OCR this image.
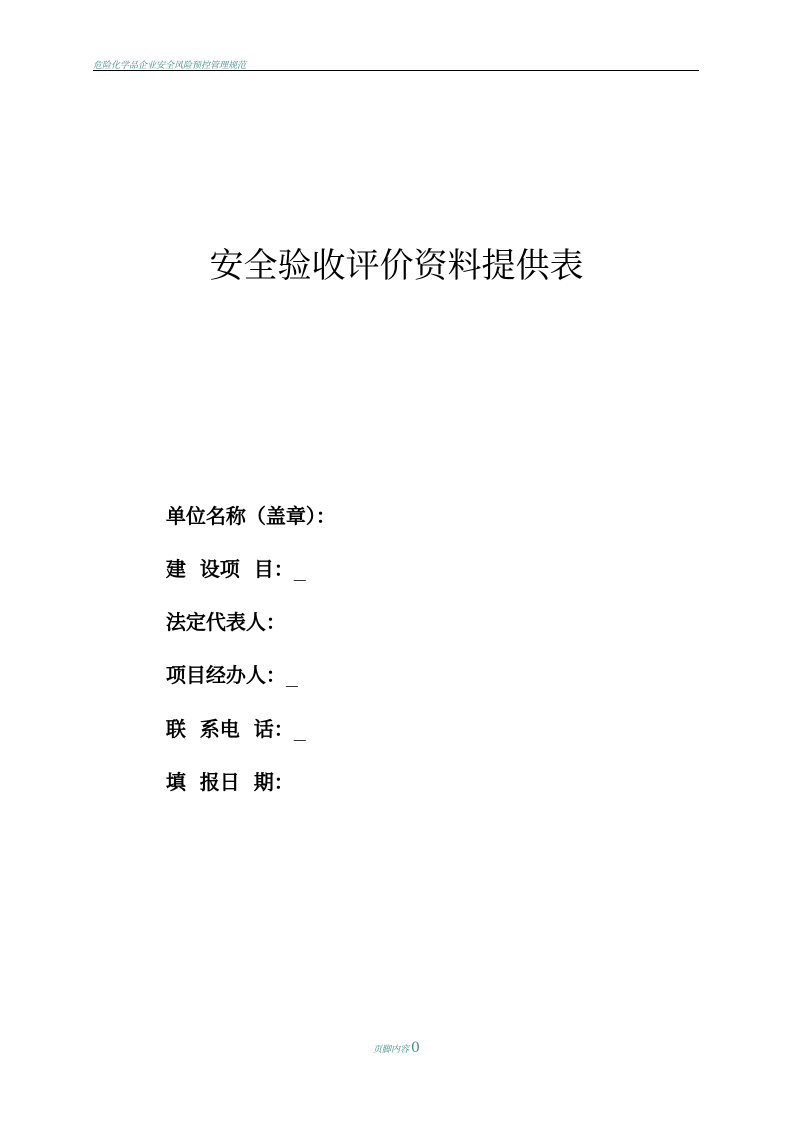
危险化学品企业安全风险预控管理规范
安全验收评价资料提供表

单位名称（盖章）：

建  设项  目：_

法定代表人：

项目经办人：_

联  系电  话：_

填  报日  期：

页脚内容 0
